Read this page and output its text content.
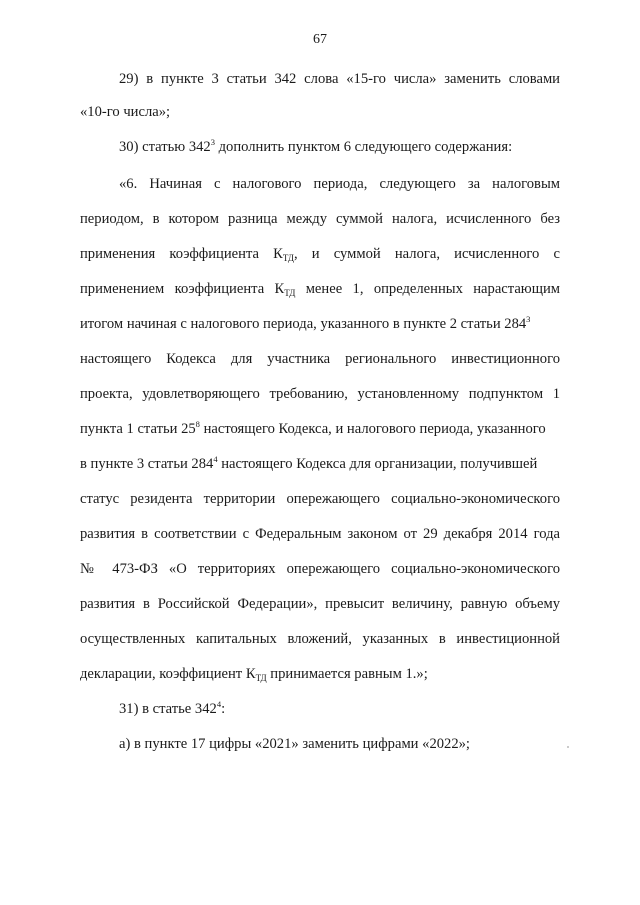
67
29) в пункте 3 статьи 342 слова «15-го числа» заменить словами
«10-го числа»;
30) статью $342^3$ дополнить пунктом 6 следующего содержания:
«6. Начиная с налогового периода, следующего за налоговым
периодом, в котором разница между суммой налога, исчисленного без
применения коэффициента $К_{ТД}$, и суммой налога, исчисленного с
применением коэффициента $К_{ТД}$ менее 1, определенных нарастающим
итогом начиная с налогового периода, указанного в пункте 2 статьи $284^3$
настоящего Кодекса для участника регионального инвестиционного
проекта, удовлетворяющего требованию, установленному подпунктом 1
пункта 1 статьи $25^8$ настоящего Кодекса, и налогового периода, указанного
в пункте 3 статьи $284^4$ настоящего Кодекса для организации, получившей
статус резидента территории опережающего социально-экономического
развития в соответствии с Федеральным законом от 29 декабря 2014 года
№ 473-ФЗ «О территориях опережающего социально-экономического
развития в Российской Федерации», превысит величину, равную объему
осуществленных капитальных вложений, указанных в инвестиционной
декларации, коэффициент $К_{ТД}$ принимается равным 1.»;
31) в статье $342^4$:
а) в пункте 17 цифры «2021» заменить цифрами «2022»;
